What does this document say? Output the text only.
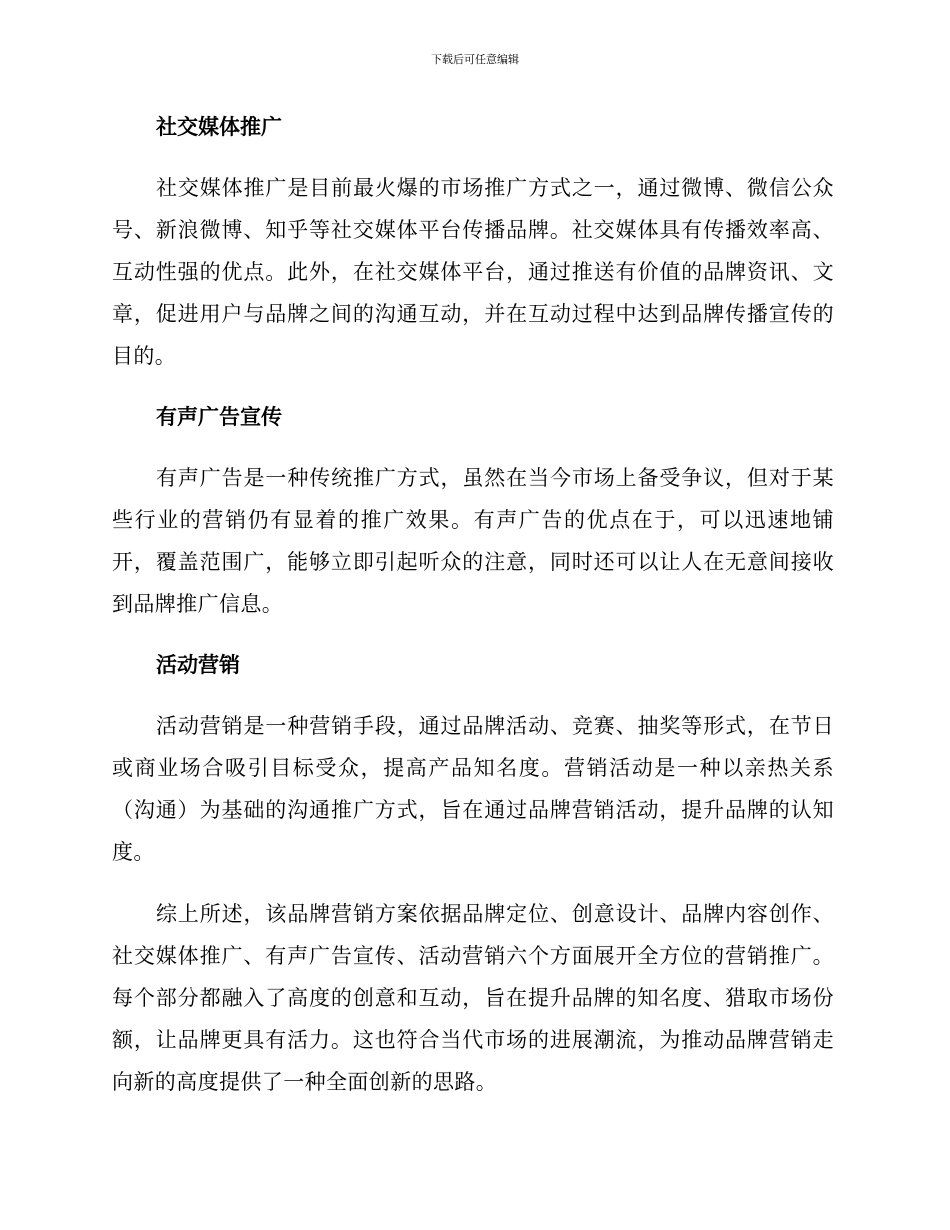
下载后可任意编辑
社交媒体推广

社交媒体推广是目前最火爆的市场推广方式之一，通过微博、微信公众号、新浪微博、知乎等社交媒体平台传播品牌。社交媒体具有传播效率高、互动性强的优点。此外，在社交媒体平台，通过推送有价值的品牌资讯、文章，促进用户与品牌之间的沟通互动，并在互动过程中达到品牌传播宣传的目的。

有声广告宣传

有声广告是一种传统推广方式，虽然在当今市场上备受争议，但对于某些行业的营销仍有显着的推广效果。有声广告的优点在于，可以迅速地铺开，覆盖范围广，能够立即引起听众的注意，同时还可以让人在无意间接收到品牌推广信息。

活动营销

活动营销是一种营销手段，通过品牌活动、竞赛、抽奖等形式，在节日或商业场合吸引目标受众，提高产品知名度。营销活动是一种以亲热关系（沟通）为基础的沟通推广方式，旨在通过品牌营销活动，提升品牌的认知度。

综上所述，该品牌营销方案依据品牌定位、创意设计、品牌内容创作、社交媒体推广、有声广告宣传、活动营销六个方面展开全方位的营销推广。每个部分都融入了高度的创意和互动，旨在提升品牌的知名度、猎取市场份额，让品牌更具有活力。这也符合当代市场的进展潮流，为推动品牌营销走向新的高度提供了一种全面创新的思路。
